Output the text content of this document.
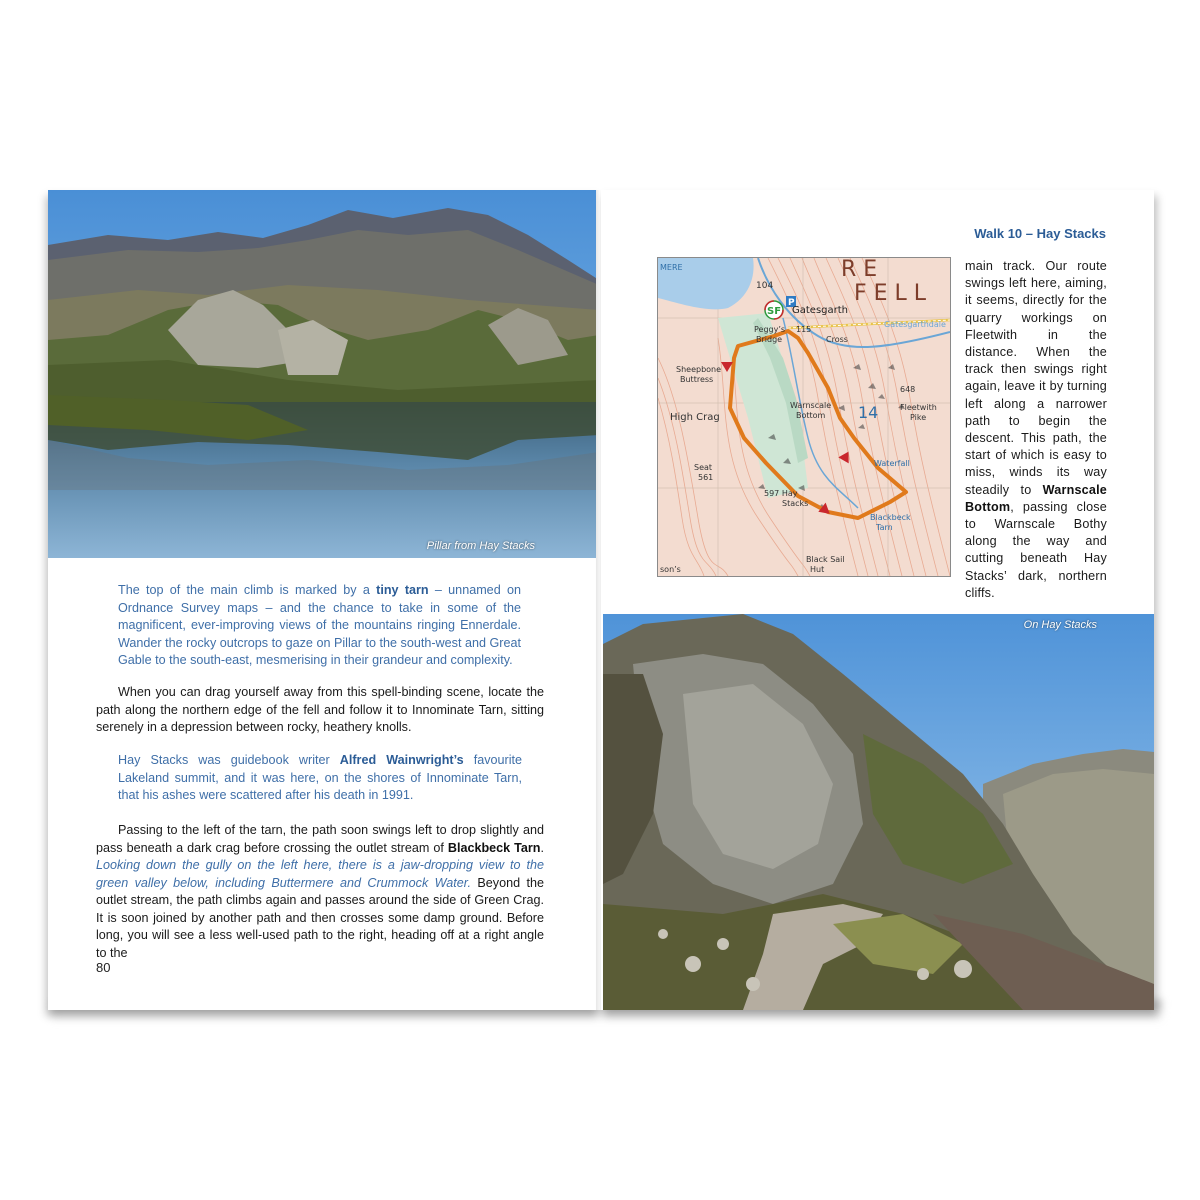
Pillar from Hay Stacks
The top of the main climb is marked by a tiny tarn – unnamed on Ordnance Survey maps – and the chance to take in some of the magnificent, ever-improving views of the mountains ringing Ennerdale. Wander the rocky outcrops to gaze on Pillar to the south-west and Great Gable to the south-east, mesmerising in their grandeur and complexity.

When you can drag yourself away from this spell-binding scene, locate the path along the northern edge of the fell and follow it to Innominate Tarn, sitting serenely in a depression between rocky, heathery knolls.

Hay Stacks was guidebook writer Alfred Wainwright’s favourite Lakeland summit, and it was here, on the shores of Innominate Tarn, that his ashes were scattered after his death in 1991.

Passing to the left of the tarn, the path soon swings left to drop slightly and pass beneath a dark crag before crossing the outlet stream of Blackbeck Tarn. Looking down the gully on the left here, there is a jaw-dropping view to the green valley below, including Buttermere and Crummock Water. Beyond the outlet stream, the path climbs again and passes around the side of Green Crag. It is soon joined by another path and then crosses some damp ground. Before long, you will see a less well-used path to the right, heading off at a right angle to the

80
Walk 10 – Hay Stacks
R E
F E L L
MERE
SF
P
104
Gatesgarth
Gatesgarthdale
Peggy’s
Bridge
115
Cross
Sheepbone
Buttress
High Crag
Warnscale
Bottom 14
648
Fleetwith
Pike
Seat
561
597 Hay
Stacks
Waterfall
Blackbeck
Tarn
Black Sail
Hut
son’s

main track. Our route swings left here, aiming, it seems, directly for the quarry workings on Fleetwith in the distance. When the track then swings right again, leave it by turning left along a narrower path to begin the descent. This path, the start of which is easy to miss, winds its way steadily to Warnscale Bottom, passing close to Warnscale Bothy along the way and cutting beneath Hay Stacks’ dark, northern cliffs.

On Hay Stacks
